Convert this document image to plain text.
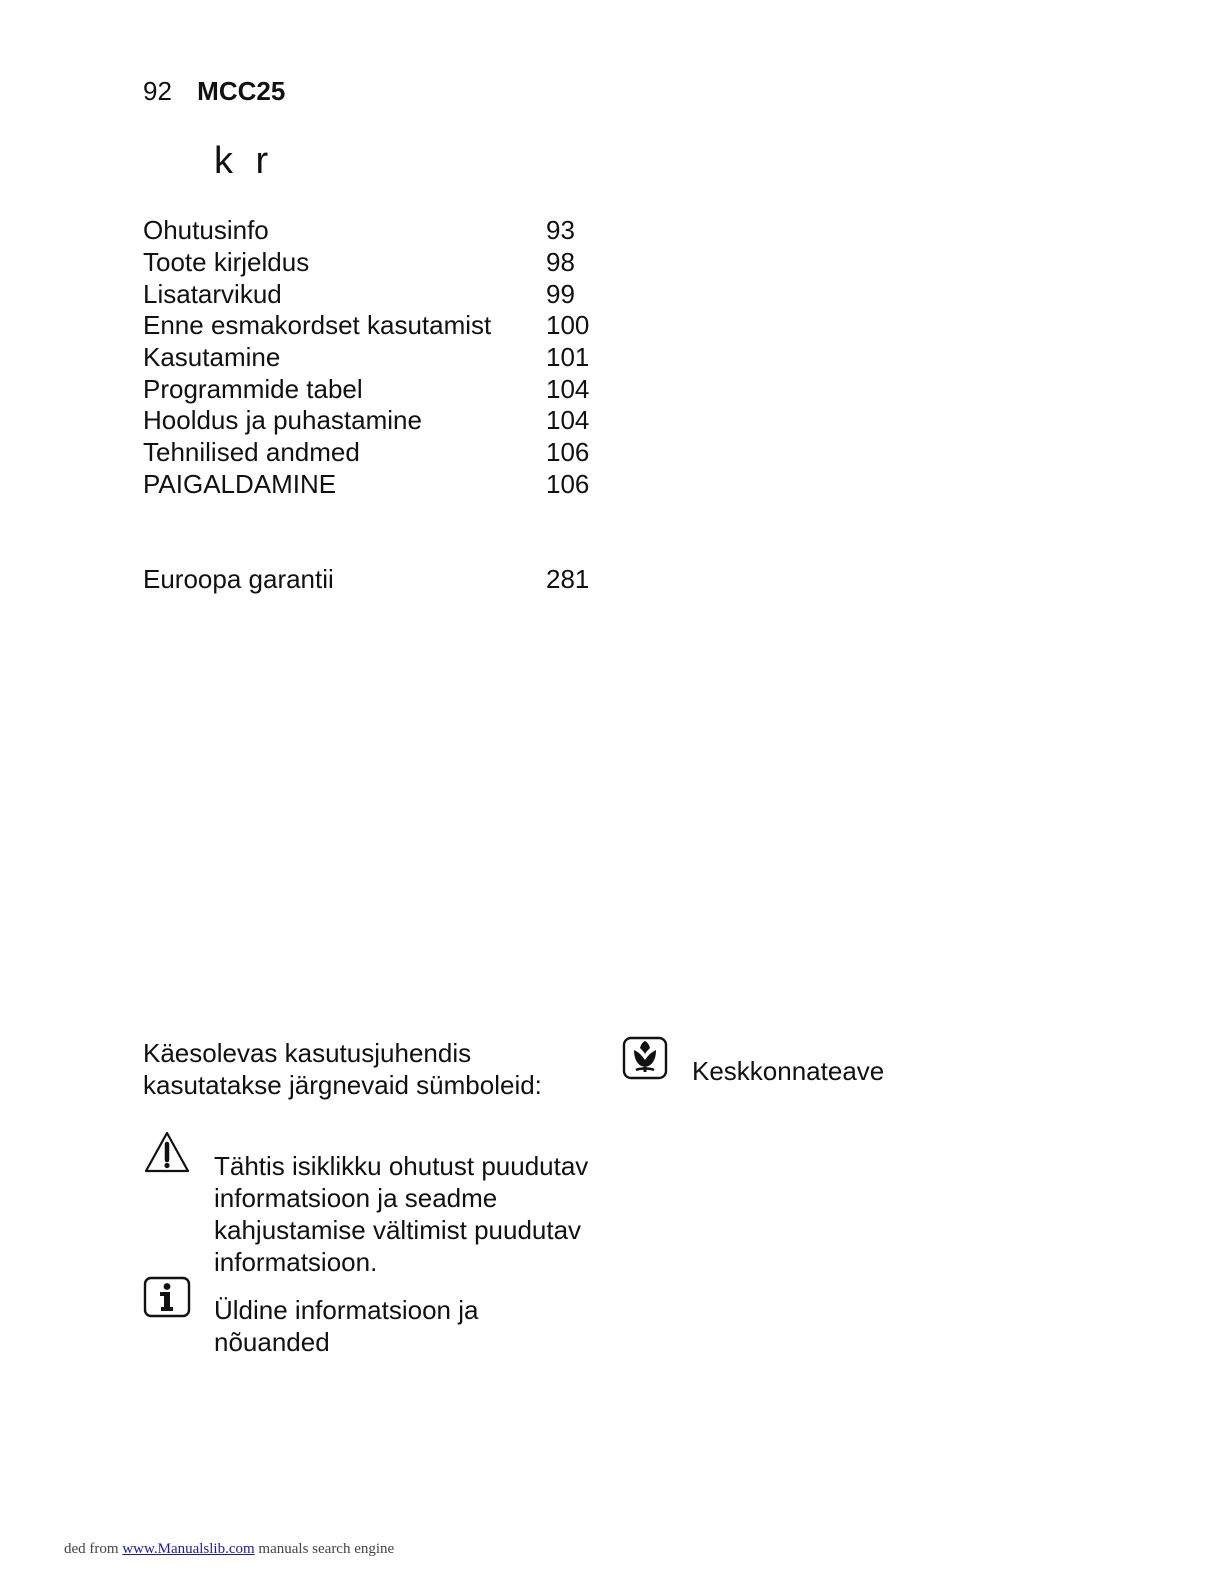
92 MCC25
k r
Ohutusinfo	93
Toote kirjeldus	98
Lisatarvikud	99
Enne esmakordset kasutamist	100
Kasutamine	101
Programmide tabel	104
Hooldus ja puhastamine	104
Tehnilised andmed	106
PAIGALDAMINE	106
Euroopa garantii	281
Käesolevas kasutusjuhendis kasutatakse järgnevaid sümboleid:
Tähtis isiklikku ohutust puudutav informatsioon ja seadme kahjustamise vältimist puudutav informatsioon.
Üldine informatsioon ja nõuanded
Keskkonnateave
ded from www.Manualslib.com manuals search engine
